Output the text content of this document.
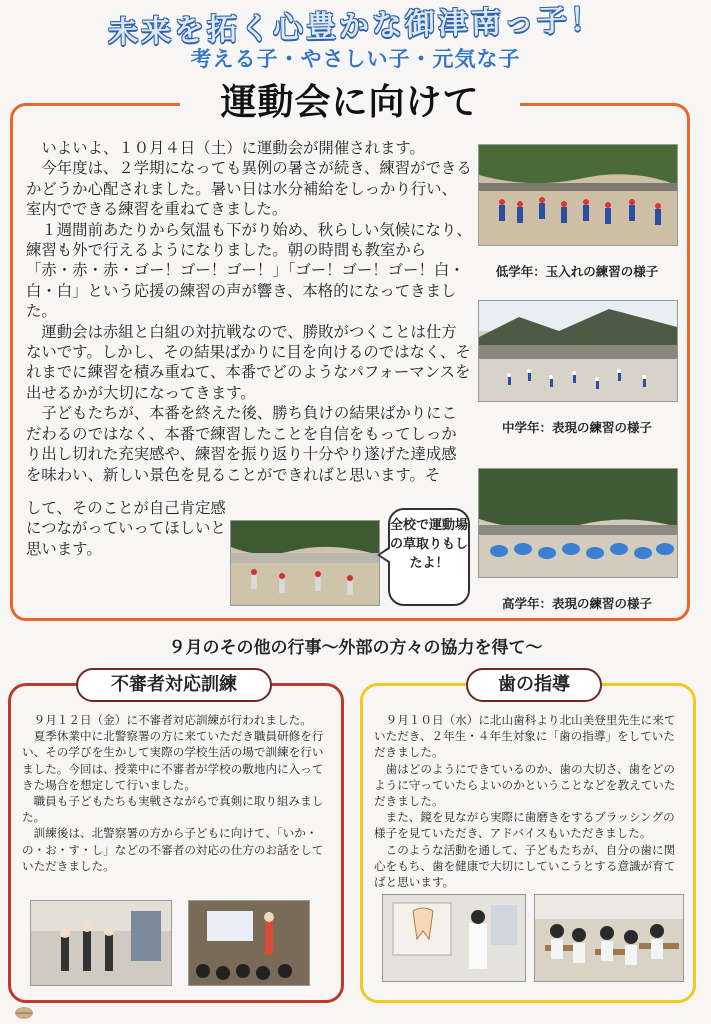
未来を拓く心豊かな御津南っ子！
考える子・やさしい子・元気な子
運動会に向けて

いよいよ、１０月４日（土）に運動会が開催されます。

今年度は、２学期になっても異例の暑さが続き、練習ができるかどうか心配されました。暑い日は水分補給をしっかり行い、室内でできる練習を重ねてきました。

１週間前あたりから気温も下がり始め、秋らしい気候になり、練習も外で行えるようになりました。朝の時間も教室から「赤・赤・赤・ゴー！ゴー！ゴー！」「ゴー！ゴー！ゴー！白・白・白」という応援の練習の声が響き、本格的になってきました。

運動会は赤組と白組の対抗戦なので、勝敗がつくことは仕方ないです。しかし、その結果ばかりに目を向けるのではなく、それまでに練習を積み重ねて、本番でどのようなパフォーマンスを出せるかが大切になってきます。

子どもたちが、本番を終えた後、勝ち負けの結果ばかりにこだわるのではなく、本番で練習したことを自信をもってしっかり出し切れた充実感や、練習を振り返り十分やり遂げた達成感を味わい、新しい景色を見ることができればと思います。そ

して、そのことが自己肯定感につながっていってほしいと思います。
低学年：玉入れの練習の様子
中学年：表現の練習の様子
高学年：表現の練習の様子
全校で運動場の草取りもしたよ！
９月のその他の行事～外部の方々の協力を得て～
不審者対応訓練

９月１２日（金）に不審者対応訓練が行われました。

夏季休業中に北警察署の方に来ていただき職員研修を行い、その学びを生かして実際の学校生活の場で訓練を行いました。今回は、授業中に不審者が学校の敷地内に入ってきた場合を想定して行いました。

職員も子どもたちも実戦さながらで真剣に取り組みました。

訓練後は、北警察署の方から子どもに向けて、「いか・の・お・す・し」などの不審者の対応の仕方のお話をしていただきました。

歯の指導

９月１０日（水）に北山歯科より北山美登里先生に来ていただき、２年生・４年生対象に「歯の指導」をしていただきました。

歯はどのようにできているのか、歯の大切さ、歯をどのように守っていたらよいのかということなどを教えていただきました。

また、鏡を見ながら実際に歯磨きをするブラッシングの様子を見ていただき、アドバイスもいただきました。

このような活動を通して、子どもたちが、自分の歯に関心をもち、歯を健康で大切にしていこうとする意識が育てばと思います。
